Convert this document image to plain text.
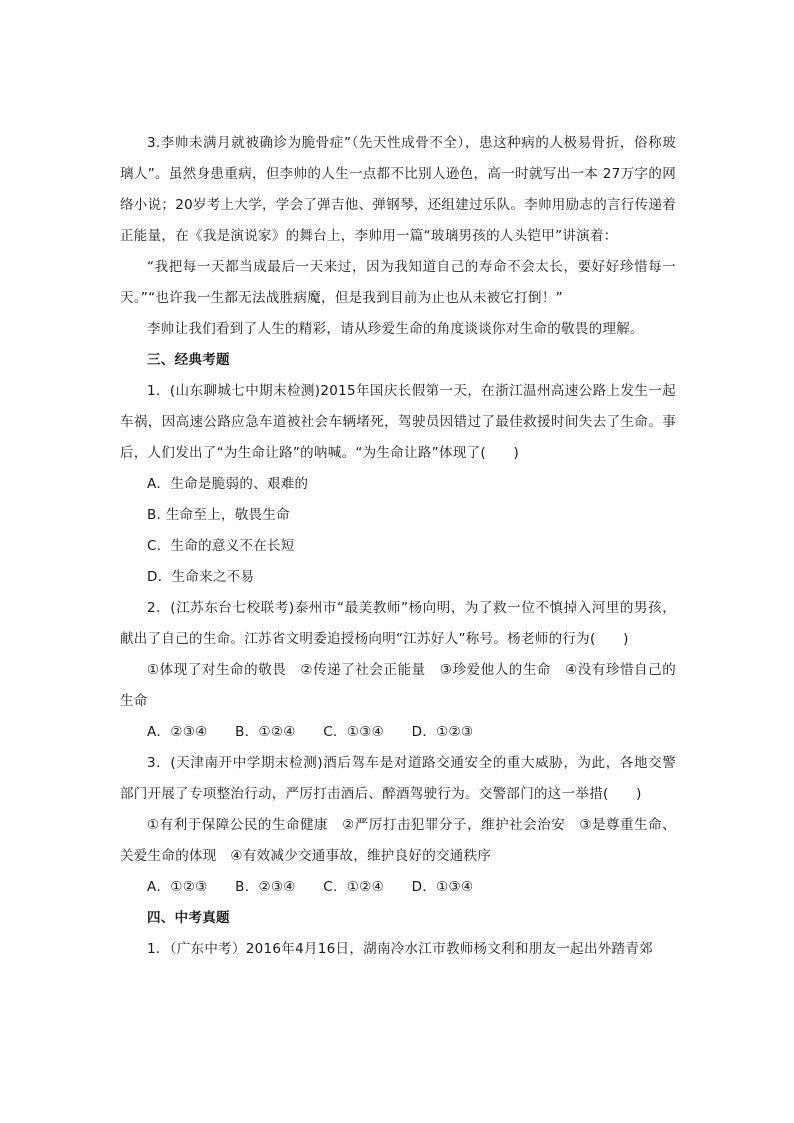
3.李帅未满月就被确诊为脆骨症”（先天性成骨不全），患这种病的人极易骨折，俗称玻璃人”。虽然身患重病，但李帅的人生一点都不比别人逊色，高一时就写出一本 27万字的网络小说；20岁考上大学，学会了弹吉他、弹钢琴，还组建过乐队。李帅用励志的言行传递着正能量，在《我是演说家》的舞台上，李帅用一篇“玻璃男孩的人头铠甲”讲演着：

“我把每一天都当成最后一天来过，因为我知道自己的寿命不会太长，要好好珍惜每一天。”“也许我一生都无法战胜病魔，但是我到目前为止也从未被它打倒！”

李帅让我们看到了人生的精彩，请从珍爱生命的角度谈谈你对生命的敬畏的理解。

三、经典考题

1．(山东聊城七中期末检测)2015年国庆长假第一天，在浙江温州高速公路上发生一起车祸，因高速公路应急车道被社会车辆堵死，驾驶员因错过了最佳救援时间失去了生命。事后，人们发出了“为生命让路”的呐喊。“为生命让路”体现了(　　)

A．生命是脆弱的、艰难的

B. 生命至上，敬畏生命

C．生命的意义不在长短

D．生命来之不易

2．(江苏东台七校联考)泰州市“最美教师”杨向明，为了救一位不慎掉入河里的男孩，献出了自己的生命。江苏省文明委追授杨向明“江苏好人”称号。杨老师的行为(　　)

①体现了对生命的敬畏　②传递了社会正能量　③珍爱他人的生命　④没有珍惜自己的生命

A．②③④　　B．①②④　　C．①③④　　D．①②③

3．(天津南开中学期末检测)酒后驾车是对道路交通安全的重大威胁，为此，各地交警部门开展了专项整治行动，严厉打击酒后、醉酒驾驶行为。交警部门的这一举措(　　)

①有利于保障公民的生命健康　②严厉打击犯罪分子，维护社会治安　③是尊重生命、关爱生命的体现　④有效减少交通事故，维护良好的交通秩序

A．①②③　　B．②③④　　C．①②④　　D．①③④

四、中考真题

1．（广东中考）2016年4月16日，湖南冷水江市教师杨文利和朋友一起出外踏青郊
